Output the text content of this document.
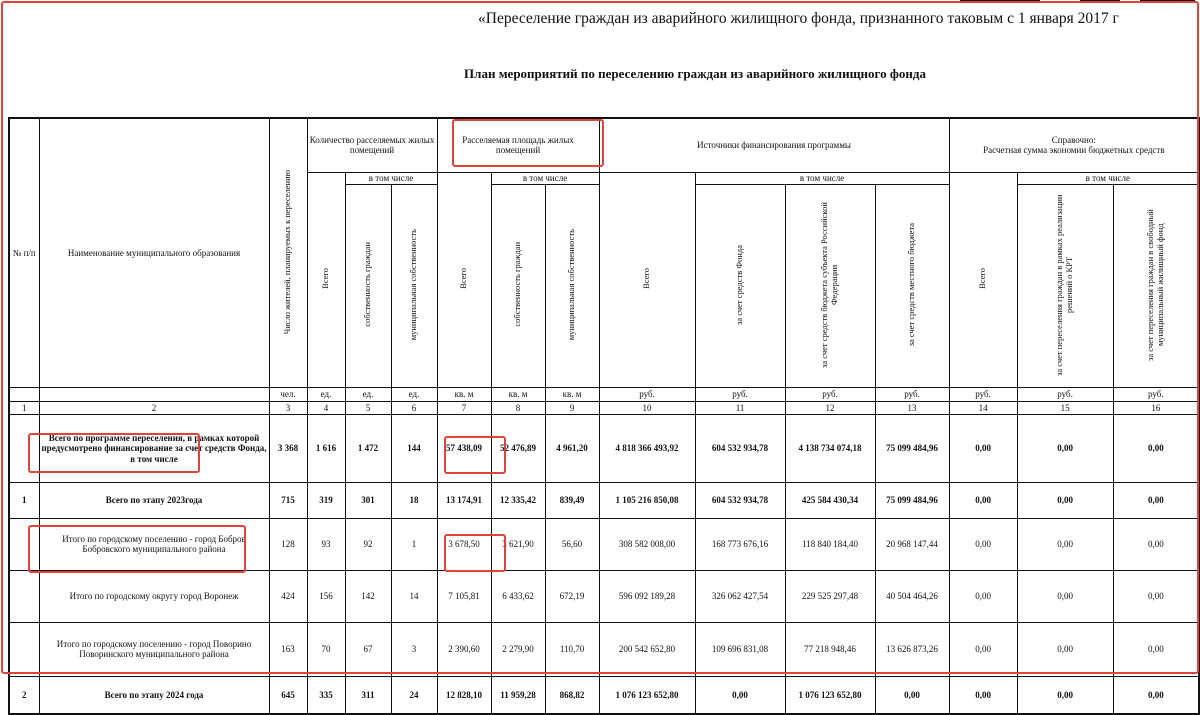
«Переселение граждан из аварийного жилищного фонда, признанного таковым с 1 января 2017 г
План мероприятий по переселению граждан из аварийного жилищного фонда
№ п/п	Наименование муниципального образования	Число жителей, планируемых к переселению	Количество расселяемых жилых помещений			Расселяемая площадь жилых помещений			Источники финансирования программы				Справочно:
Расчетная сумма экономии бюджетных средств		

			Всего	в том числе		Всего	в том числе		Всего	в том числе			Всего	в том числе	
				собственность граждан	муниципальная собственность		собственность граждан	муниципальная собственность		за счет средств Фонда	за счет средств бюджета субъекта Российской Федерации	за счет средств местного бюджета		за счет переселения граждан в рамках реализации решений о КРТ	за счет переселения граждан в свободный муниципальный жилищный фонд
		чел.	ед.	ед.	ед.	кв. м	кв. м	кв. м	руб.	руб.	руб.	руб.	руб.	руб.	руб.
1	2	3	4	5	6	7	8	9	10	11	12	13	14	15	16
	Всего по программе переселения, в рамках которой предусмотрено финансирование за счет средств Фонда, в том числе	3 368	1 616	1 472	144	57 438,09	52 476,89	4 961,20	4 818 366 493,92	604 532 934,78	4 138 734 074,18	75 099 484,96	0,00	0,00	0,00
1	Всего по этапу 2023года	715	319	301	18	13 174,91	12 335,42	839,49	1 105 216 850,08	604 532 934,78	425 584 430,34	75 099 484,96	0,00	0,00	0,00
	Итого по городскому поселению - город Бобров Бобровского муниципального района	128	93	92	1	3 678,50	3 621,90	56,60	308 582 008,00	168 773 676,16	118 840 184,40	20 968 147,44	0,00	0,00	0,00
	Итого по городскому округу город Воронеж	424	156	142	14	7 105,81	6 433,62	672,19	596 092 189,28	326 062 427,54	229 525 297,48	40 504 464,26	0,00	0,00	0,00
	Итого по городскому поселению - город Поворино Поворинского муниципального района	163	70	67	3	2 390,60	2 279,90	110,70	200 542 652,80	109 696 831,08	77 218 948,46	13 626 873,26	0,00	0,00	0,00
2	Всего по этапу 2024 года	645	335	311	24	12 828,10	11 959,28	868,82	1 076 123 652,80	0,00	1 076 123 652,80	0,00	0,00	0,00	0,00
